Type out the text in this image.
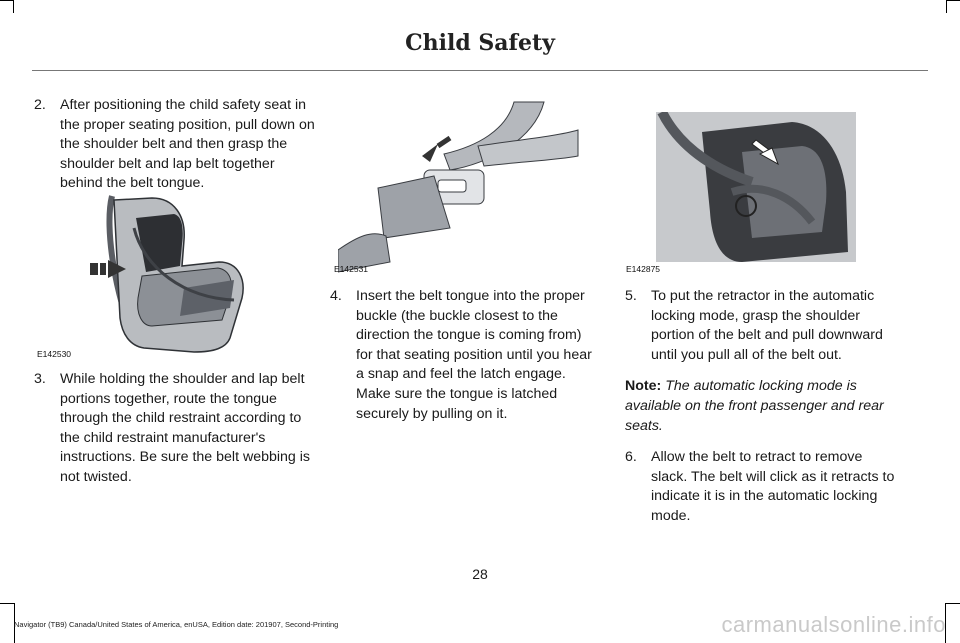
Child Safety
2. After positioning the child safety seat in the proper seating position, pull down on the shoulder belt and then grasp the shoulder belt and lap belt together behind the belt tongue.
E142530
3. While holding the shoulder and lap belt portions together, route the tongue through the child restraint according to the child restraint manufacturer's instructions. Be sure the belt webbing is not twisted.
E142531
4. Insert the belt tongue into the proper buckle (the buckle closest to the direction the tongue is coming from) for that seating position until you hear a snap and feel the latch engage. Make sure the tongue is latched securely by pulling on it.
E142875
5. To put the retractor in the automatic locking mode, grasp the shoulder portion of the belt and pull downward until you pull all of the belt out.
Note: The automatic locking mode is available on the front passenger and rear seats.
6. Allow the belt to retract to remove slack. The belt will click as it retracts to indicate it is in the automatic locking mode.
28
Navigator (TB9) Canada/United States of America, enUSA, Edition date: 201907, Second-Printing	carmanualsonline.info
